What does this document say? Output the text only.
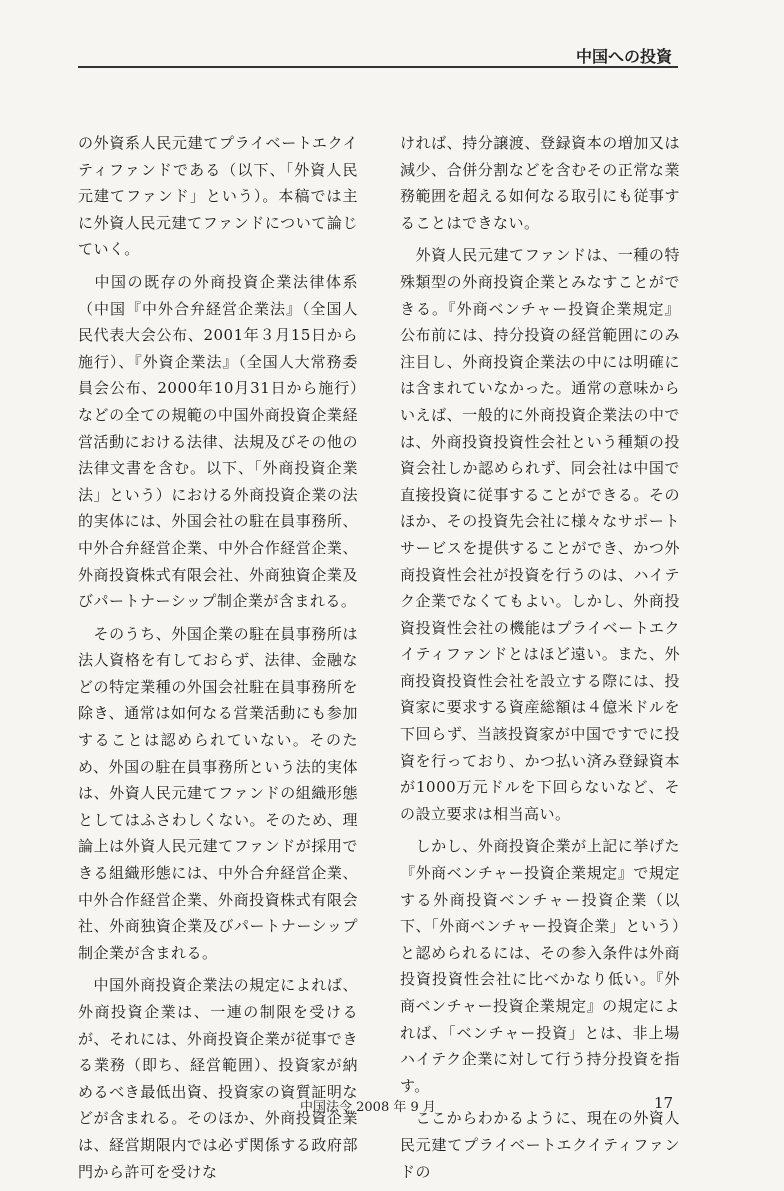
中国への投資

の外資系人民元建てプライベートエクイティファンドである（以下、「外資人民元建てファンド」という）。本稿では主に外資人民元建てファンドについて論じていく。

　中国の既存の外商投資企業法律体系（中国『中外合弁経営企業法』（全国人民代表大会公布、2001年３月15日から施行）、『外資企業法』（全国人大常務委員会公布、2000年10月31日から施行）などの全ての規範の中国外商投資企業経営活動における法律、法規及びその他の法律文書を含む。以下、「外商投資企業法」という）における外商投資企業の法的実体には、外国会社の駐在員事務所、中外合弁経営企業、中外合作経営企業、外商投資株式有限会社、外商独資企業及びパートナーシップ制企業が含まれる。

　そのうち、外国企業の駐在員事務所は法人資格を有しておらず、法律、金融などの特定業種の外国会社駐在員事務所を除き、通常は如何なる営業活動にも参加することは認められていない。そのため、外国の駐在員事務所という法的実体は、外資人民元建てファンドの組織形態としてはふさわしくない。そのため、理論上は外資人民元建てファンドが採用できる組織形態には、中外合弁経営企業、中外合作経営企業、外商投資株式有限会社、外商独資企業及びパートナーシップ制企業が含まれる。

　中国外商投資企業法の規定によれば、外商投資企業は、一連の制限を受けるが、それには、外商投資企業が従事できる業務（即ち、経営範囲）、投資家が納めるべき最低出資、投資家の資質証明などが含まれる。そのほか、外商投資企業は、経営期限内では必ず関係する政府部門から許可を受けな

ければ、持分譲渡、登録資本の増加又は減少、合併分割などを含むその正常な業務範囲を超える如何なる取引にも従事することはできない。

　外資人民元建てファンドは、一種の特殊類型の外商投資企業とみなすことができる。『外商ベンチャー投資企業規定』公布前には、持分投資の経営範囲にのみ注目し、外商投資企業法の中には明確には含まれていなかった。通常の意味からいえば、一般的に外商投資企業法の中では、外商投資投資性会社という種類の投資会社しか認められず、同会社は中国で直接投資に従事することができる。そのほか、その投資先会社に様々なサポートサービスを提供することができ、かつ外商投資性会社が投資を行うのは、ハイテク企業でなくてもよい。しかし、外商投資投資性会社の機能はプライベートエクイティファンドとはほど遠い。また、外商投資投資性会社を設立する際には、投資家に要求する資産総額は４億米ドルを下回らず、当該投資家が中国ですでに投資を行っており、かつ払い済み登録資本が1000万元ドルを下回らないなど、その設立要求は相当高い。

　しかし、外商投資企業が上記に挙げた『外商ベンチャー投資企業規定』で規定する外商投資ベンチャー投資企業（以下、「外商ベンチャー投資企業」という）と認められるには、その参入条件は外商投資投資性会社に比べかなり低い。『外商ベンチャー投資企業規定』の規定によれば、「ベンチャー投資」とは、非上場ハイテク企業に対して行う持分投資を指す。

　ここからわかるように、現在の外資人民元建てプライベートエクイティファンドの

中国法令 2008 年 9 月	17
